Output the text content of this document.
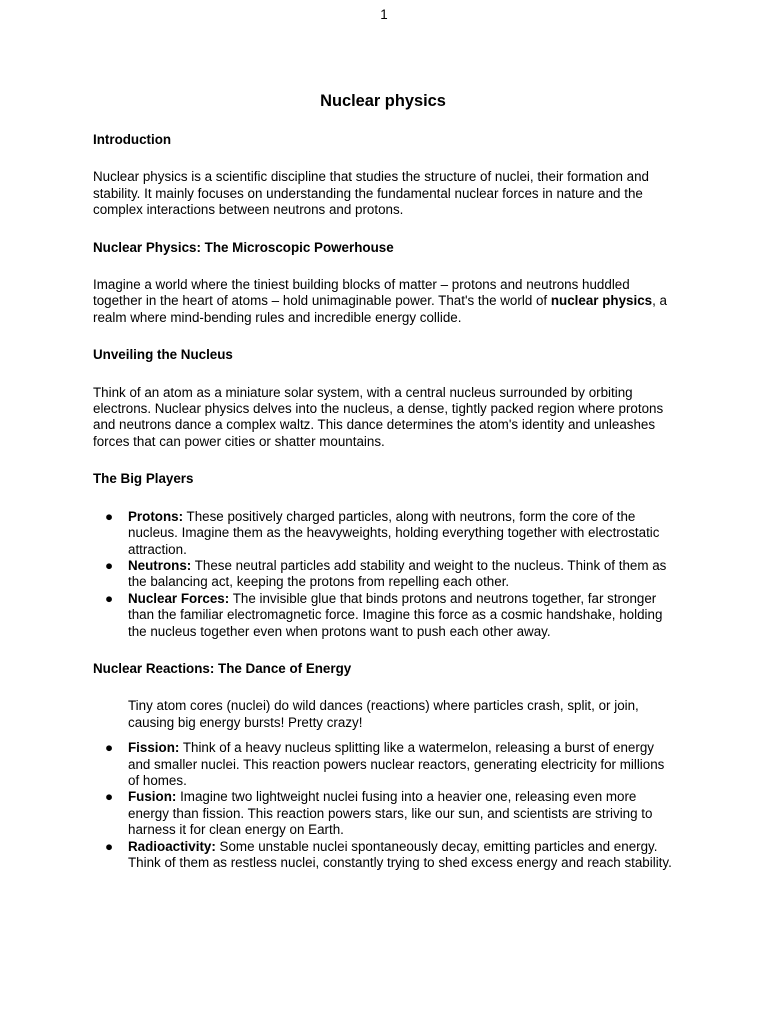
1
Nuclear physics
Introduction

Nuclear physics is a scientific discipline that studies the structure of nuclei, their formation and stability. It mainly focuses on understanding the fundamental nuclear forces in nature and the complex interactions between neutrons and protons.

Nuclear Physics: The Microscopic Powerhouse

Imagine a world where the tiniest building blocks of matter – protons and neutrons huddled together in the heart of atoms – hold unimaginable power. That's the world of nuclear physics, a realm where mind-bending rules and incredible energy collide.

Unveiling the Nucleus

Think of an atom as a miniature solar system, with a central nucleus surrounded by orbiting electrons. Nuclear physics delves into the nucleus, a dense, tightly packed region where protons and neutrons dance a complex waltz. This dance determines the atom's identity and unleashes forces that can power cities or shatter mountains.

The Big Players
● Protons: These positively charged particles, along with neutrons, form the core of the nucleus. Imagine them as the heavyweights, holding everything together with electrostatic attraction.
● Neutrons: These neutral particles add stability and weight to the nucleus. Think of them as the balancing act, keeping the protons from repelling each other.
● Nuclear Forces: The invisible glue that binds protons and neutrons together, far stronger than the familiar electromagnetic force. Imagine this force as a cosmic handshake, holding the nucleus together even when protons want to push each other away.
Nuclear Reactions: The Dance of Energy

Tiny atom cores (nuclei) do wild dances (reactions) where particles crash, split, or join, causing big energy bursts! Pretty crazy!

● Fission: Think of a heavy nucleus splitting like a watermelon, releasing a burst of energy and smaller nuclei. This reaction powers nuclear reactors, generating electricity for millions of homes.
● Fusion: Imagine two lightweight nuclei fusing into a heavier one, releasing even more energy than fission. This reaction powers stars, like our sun, and scientists are striving to harness it for clean energy on Earth.
● Radioactivity: Some unstable nuclei spontaneously decay, emitting particles and energy. Think of them as restless nuclei, constantly trying to shed excess energy and reach stability.
